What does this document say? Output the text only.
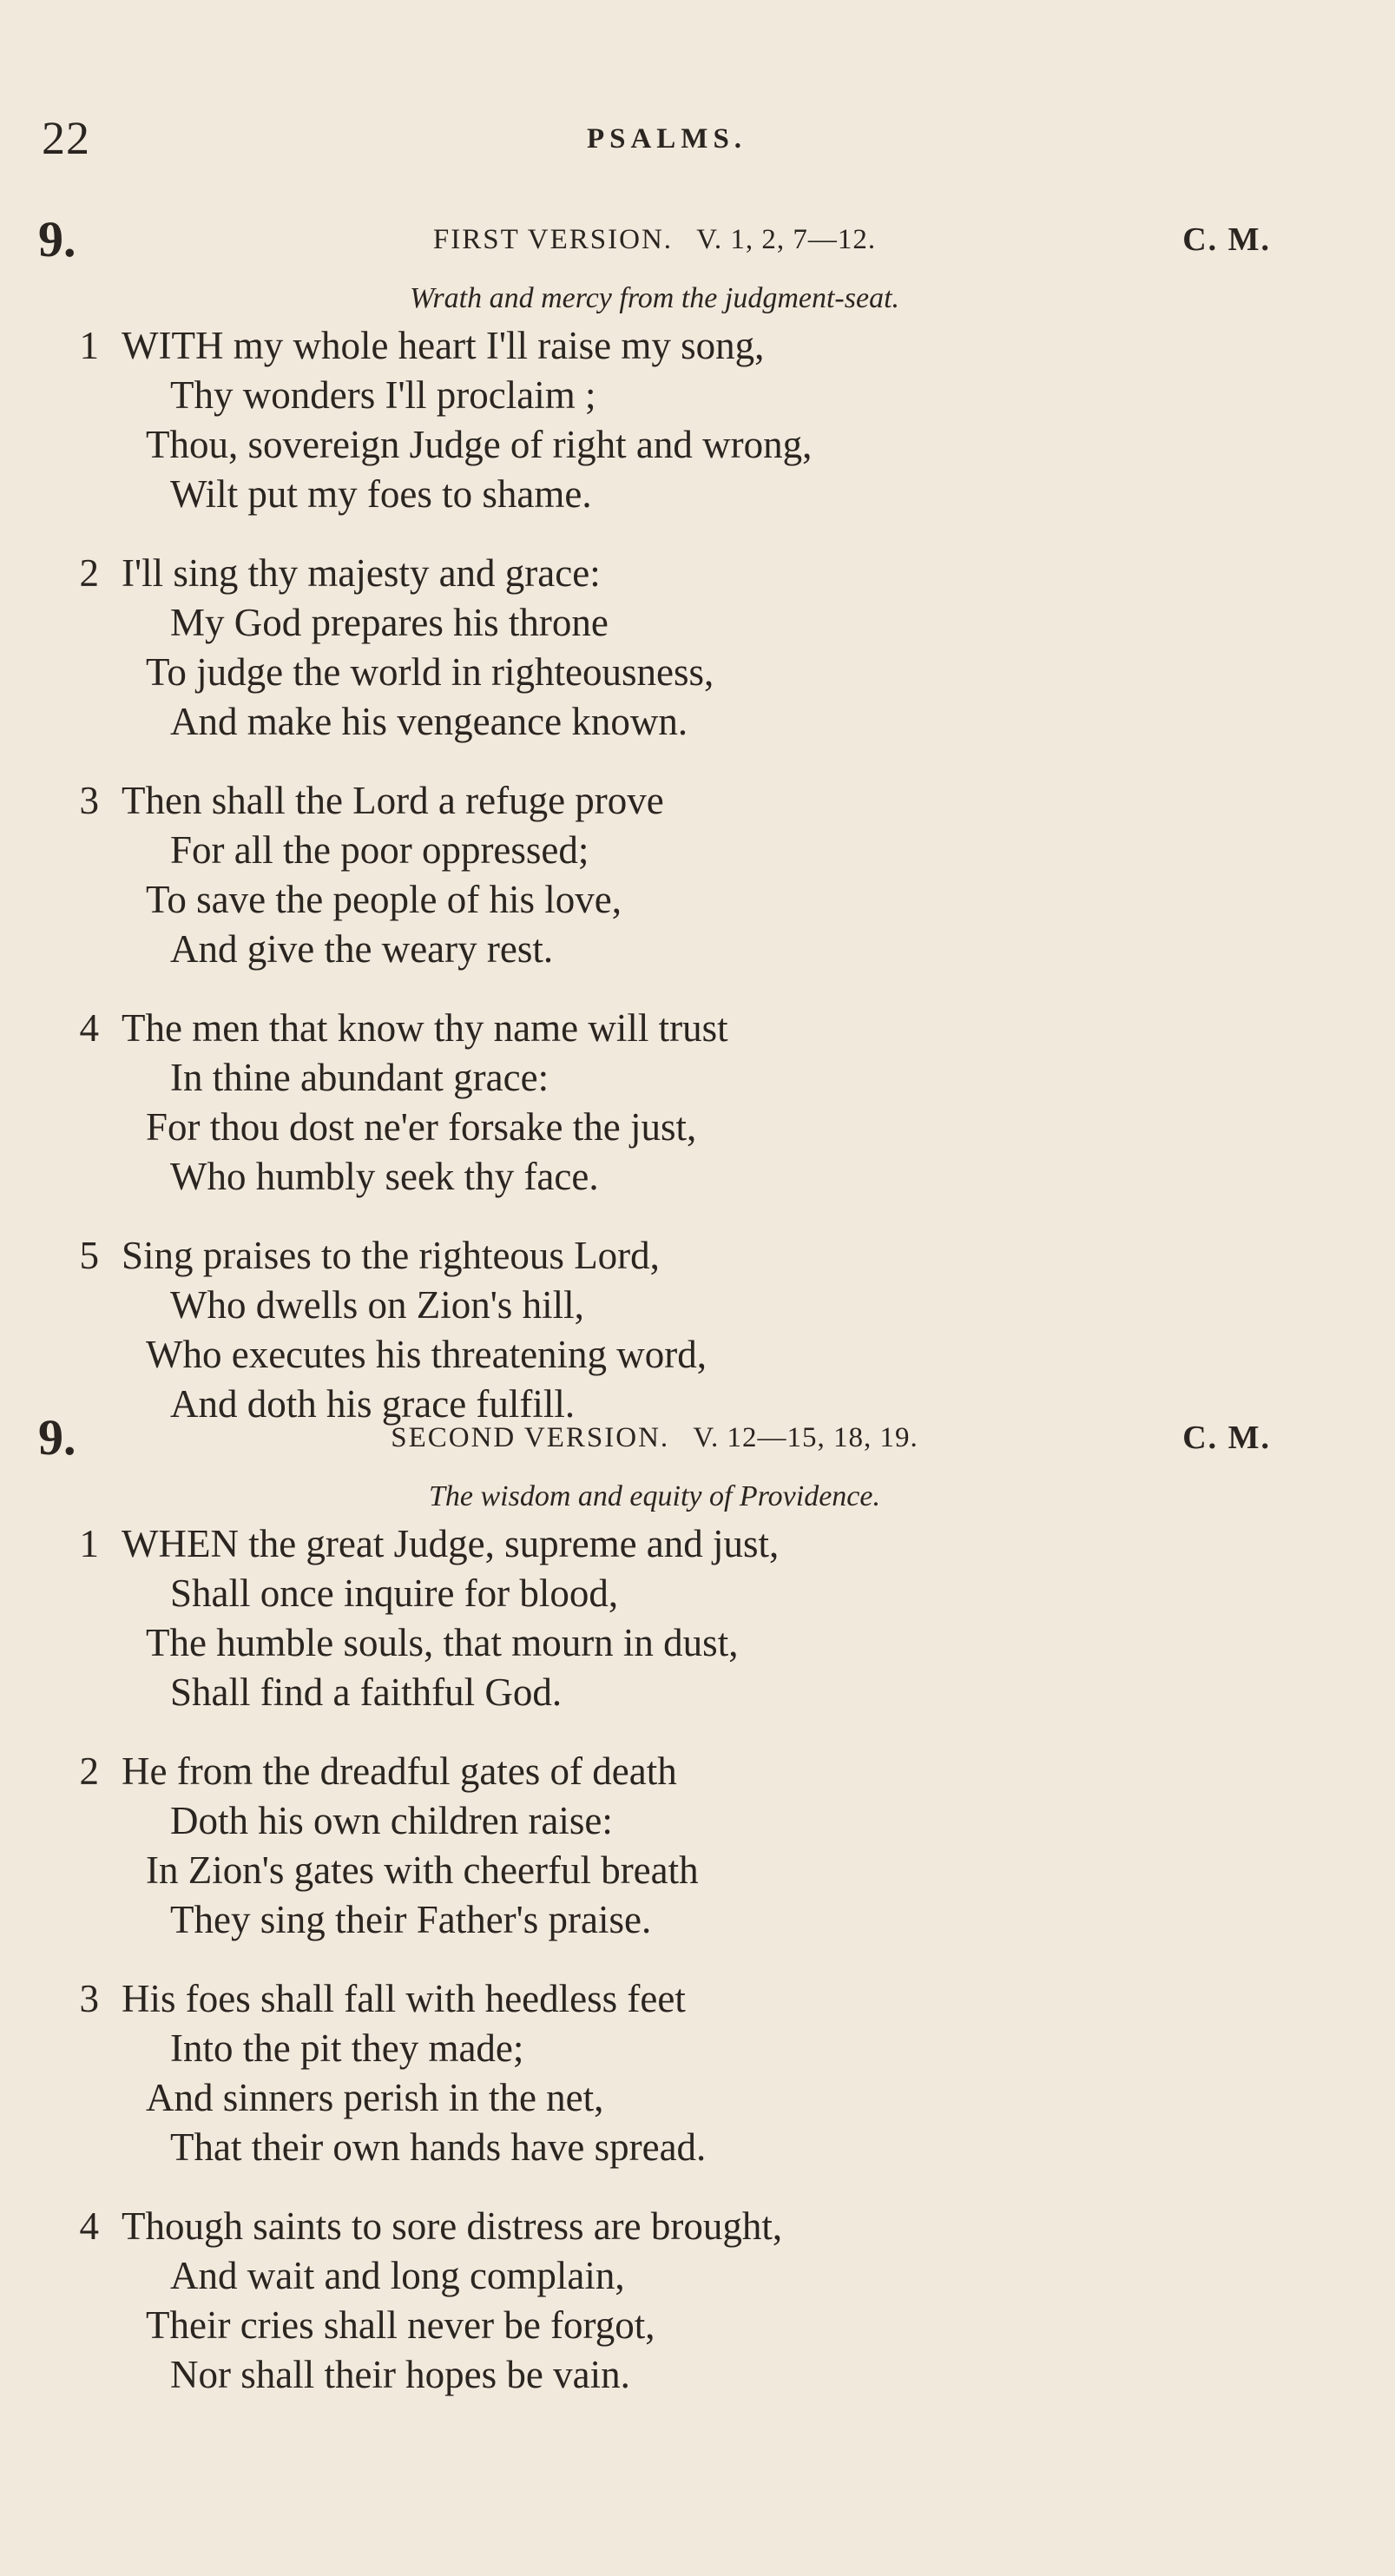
22	PSALMS.
9.	FIRST VERSION. V. 1, 2, 7—12.	C. M.
Wrath and mercy from the judgment-seat.
1 WITH my whole heart I'll raise my song,
Thy wonders I'll proclaim ;
Thou, sovereign Judge of right and wrong,
Wilt put my foes to shame.
2 I'll sing thy majesty and grace:
My God prepares his throne
To judge the world in righteousness,
And make his vengeance known.
3 Then shall the Lord a refuge prove
For all the poor oppressed;
To save the people of his love,
And give the weary rest.
4 The men that know thy name will trust
In thine abundant grace:
For thou dost ne'er forsake the just,
Who humbly seek thy face.
5 Sing praises to the righteous Lord,
Who dwells on Zion's hill,
Who executes his threatening word,
And doth his grace fulfill.
9.	SECOND VERSION. V. 12—15, 18, 19.	C. M.
The wisdom and equity of Providence.
1 WHEN the great Judge, supreme and just,
Shall once inquire for blood,
The humble souls, that mourn in dust,
Shall find a faithful God.
2 He from the dreadful gates of death
Doth his own children raise:
In Zion's gates with cheerful breath
They sing their Father's praise.
3 His foes shall fall with heedless feet
Into the pit they made;
And sinners perish in the net,
That their own hands have spread.
4 Though saints to sore distress are brought,
And wait and long complain,
Their cries shall never be forgot,
Nor shall their hopes be vain.
